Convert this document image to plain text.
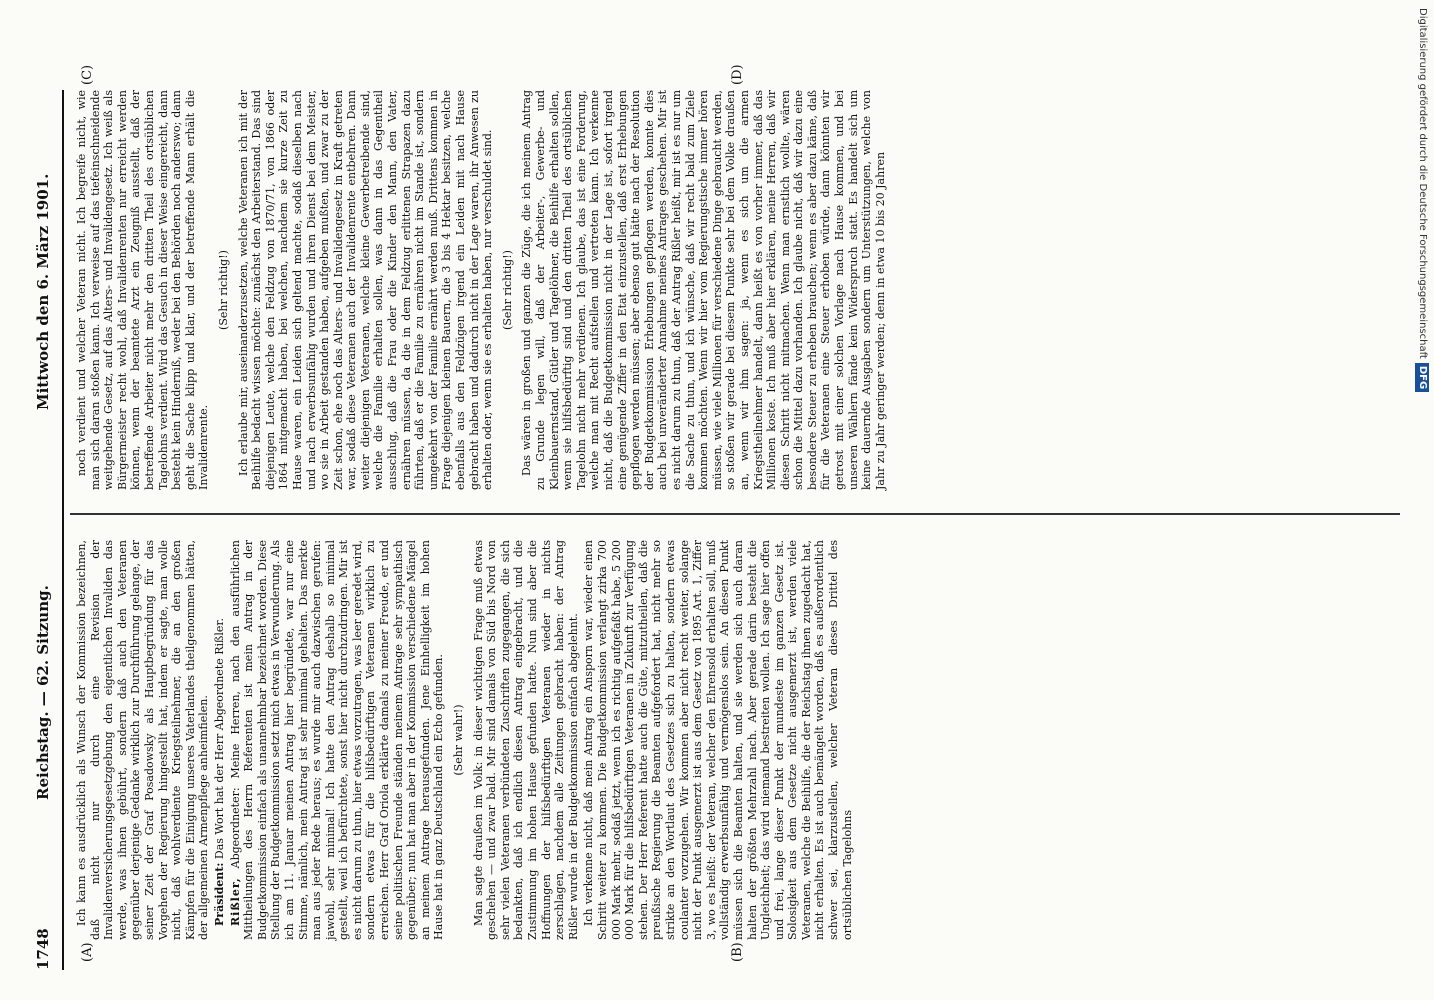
1748
Reichstag. — 62. Sitzung.
Mittwoch den 6. März 1901.
(A)	(B)
(C)	(D)

Ich kann es ausdrücklich als Wunsch der Kommission bezeichnen, daß nicht nur durch eine Revision der Invalidenversicherungsgesetzgebung den eigentlichen Invaliden das werde, was ihnen gebührt, sondern daß auch den Veteranen gegenüber derjenige Gedanke wirklich zur Durchführung gelange, der seiner Zeit der Graf Posadowsky als Hauptbegründung für das Vorgehen der Regierung hingestellt hat, indem er sagte, man wolle nicht, daß wohlverdiente Kriegsteilnehmer, die an den großen Kämpfen für die Einigung unseres Vaterlandes theilgenommen hätten, der allgemeinen Armenpflege anheimfielen. Präsident: Das Wort hat der Herr Abgeordnete Rißler.

Rißler, Abgeordneter: Meine Herren, nach den ausführlichen Mittheilungen des Herrn Referenten ist mein Antrag in der Budgetkommission einfach als unannehmbar bezeichnet worden. Diese Stellung der Budgetkommission setzt mich etwas in Verwunderung. Als ich am 11. Januar meinen Antrag hier begründete, war nur eine Stimme, nämlich, mein Antrag ist sehr minimal gehalten. Das merkte man aus jeder Rede heraus; es wurde mir auch dazwischen gerufen: jawohl, sehr minimal! Ich hatte den Antrag deshalb so minimal gestellt, weil ich befürchtete, sonst hier nicht durchzudringen. Mir ist es nicht darum zu thun, hier etwas vorzutragen, was leer geredet wird, sondern etwas für die hilfsbedürftigen Veteranen wirklich zu erreichen. Herr Graf Oriola erklärte damals zu meiner Freude, er und seine politischen Freunde ständen meinem Antrage sehr sympathisch gegenüber; nun hat man aber in der Kommission verschiedene Mängel an meinem Antrage herausgefunden. Jene Einhelligkeit im hohen Hause hat in ganz Deutschland ein Echo gefunden. (Sehr wahr!) Man sagte draußen im Volk: in dieser wichtigen Frage muß etwas geschehen — und zwar bald. Mir sind damals von Süd bis Nord von sehr vielen Veteranen verbündeten Zuschriften zugegangen, die sich bedankten, daß ich endlich diesen Antrag eingebracht, und die Zustimmung im hohen Hause gefunden hatte. Nun sind aber die Hoffnungen der hilfsbedürftigen Veteranen wieder in nichts zerschlagen, nachdem alle Zeitungen gebracht haben: der Antrag Rißler wurde in der Budgetkommission einfach abgelehnt. Ich verkenne nicht, daß mein Antrag ein Ansporn war, wieder einen Schritt weiter zu kommen. Die Budgetkommission verlangt zirka 700 000 Mark mehr, sodaß jetzt, wenn ich es richtig aufgefaßt habe, 5 200 000 Mark für die hilfsbedürftigen Veteranen in Zukunft zur Verfügung stehen. Der Herr Referent hatte auch die Güte, mitzutheilen, daß die preußische Regierung die Beamten aufgefordert hat, nicht mehr so strikte an den Wortlaut des Gesetzes sich zu halten, sondern etwas coulanter vorzugehen. Wir kommen aber nicht recht weiter, solange nicht der Punkt ausgemerzt ist aus dem Gesetz von 1895 Art. 1, Ziffer 3, wo es heißt: der Veteran, welcher den Ehrensold erhalten soll, muß vollständig erwerbsunfähig und vermögenslos sein. An diesen Punkt müssen sich die Beamten halten, und sie werden sich auch daran halten der größten Mehrzahl nach. Aber gerade darin besteht die Ungleichheit; das wird niemand bestreiten wollen. Ich sage hier offen und frei, lange dieser Punkt der mundeste im ganzen Gesetz ist. Solosigkeit aus dem Gesetze nicht ausgemerzt ist, werden viele Veteranen, welche die Beihilfe, die der Reichstag ihnen zugedacht hat, nicht erhalten. Es ist auch bemängelt worden, daß es außerordentlich schwer sei, klarzustellen, welcher Veteran dieses Drittel des ortsüblichen Tagelohns

noch verdient und welcher Veteran nicht. Ich begreife nicht, wie man sich daran stoßen kann. Ich verweise auf das tiefeinschneidende weitgehende Gesetz, auf das Alters- und Invalidengesetz. Ich weiß als Bürgermeister recht wohl, daß Invalidenrenten nur erreicht werden können, wenn der beamtete Arzt ein Zeugniß ausstellt, daß der betreffende Arbeiter nicht mehr den dritten Theil des ortsüblichen Tagelohns verdient. Wird das Gesuch in dieser Weise eingereicht, dann besteht kein Hinderniß, weder bei den Behörden noch anderswo; dann geht die Sache klipp und klar, und der betreffende Mann erhält die Invalidenrente.

(Sehr richtig!) Ich erlaube mir, auseinanderzusetzen, welche Veteranen ich mit der Beihilfe bedacht wissen möchte: zunächst den Arbeiterstand. Das sind diejenigen Leute, welche den Feldzug von 1870/71, von 1866 oder 1864 mitgemacht haben, bei welchen, nachdem sie kurze Zeit zu Hause waren, ein Leiden sich geltend machte, sodaß dieselben nach und nach erwerbsunfähig wurden und ihren Dienst bei dem Meister, wo sie in Arbeit gestanden haben, aufgeben mußten, und zwar zu der Zeit schon, ehe noch das Alters- und Invalidengesetz in Kraft getreten war, sodaß diese Veteranen auch der Invalidenrente entbehren. Dann weiter diejenigen Veteranen, welche kleine Gewerbetreibende sind, welche die Familie erhalten sollen, was dann in das Gegentheil ausschlug, daß die Frau oder die Kinder den Mann, den Vater, ernähren müssen, da die in dem Feldzug erlittenen Strapazen dazu führten, daß er die Familie zu ernähren nicht im Stande ist, sondern umgekehrt von der Familie ernährt werden muß. Drittens kommen in Frage diejenigen kleinen Bauern, die 3 bis 4 Hektar besitzen, welche ebenfalls aus den Feldzügen irgend ein Leiden mit nach Hause gebracht haben und dadurch nicht in der Lage waren, ihr Anwesen zu erhalten oder, wenn sie es erhalten haben, nur verschuldet sind. (Sehr richtig!) Das wären in großen und ganzen die Züge, die ich meinem Antrag zu Grunde legen will, daß der Arbeiter-, Gewerbe- und Kleinbauernstand, Gütler und Tagelöhner, die Beihilfe erhalten sollen, wenn sie hilfsbedürftig sind und den dritten Theil des ortsüblichen Tagelohn nicht mehr verdienen. Ich glaube, das ist eine Forderung, welche man mit Recht aufstellen und vertreten kann. Ich verkenne nicht, daß die Budgetkommission nicht in der Lage ist, sofort irgend eine genügende Ziffer in den Etat einzustellen, daß erst Erhebungen gepflogen werden müssen; aber ebenso gut hätte nach der Resolution der Budgetkommission Erhebungen gepflogen werden, konnte dies auch bei unveränderter Annahme meines Antrages geschehen. Mir ist es nicht darum zu thun, daß der Antrag Rißler heißt, mir ist es nur um die Sache zu thun, und ich wünsche, daß wir recht bald zum Ziele kommen möchten. Wenn wir hier vom Regierungstische immer hören müssen, wie viele Millionen für verschiedene Dinge gebraucht werden, so stoßen wir gerade bei diesem Punkte sehr bei dem Volke draußen an, wenn wir ihm sagen: ja, wenn es sich um die armen Kriegstheilnehmer handelt, dann heißt es von vorher immer, daß das Millionen koste. Ich muß aber hier erklären, meine Herren, daß wir diesen Schritt nicht mitmachen. Wenn man ernstlich wollte, wären schon die Mittel dazu vorhanden. Ich glaube nicht, daß wir dazu eine besondere Steuer zu erheben brauchen; wenn es aber dazu käme, daß für die Veteranen eine Steuer erhoben würde, dann könnten wir getrost mit einer solchen Vorlage nach Hause kommen, und bei unseren Wählern fände kein Widerspruch statt. Es handelt sich um keine dauernde Ausgaben sondern um Unterstützungen, welche von Jahr zu Jahr geringer werden; denn in etwa 10 bis 20 Jahren	Digitalisierung gefördert durch die Deutsche ForschungsgemeinschaftDFG
